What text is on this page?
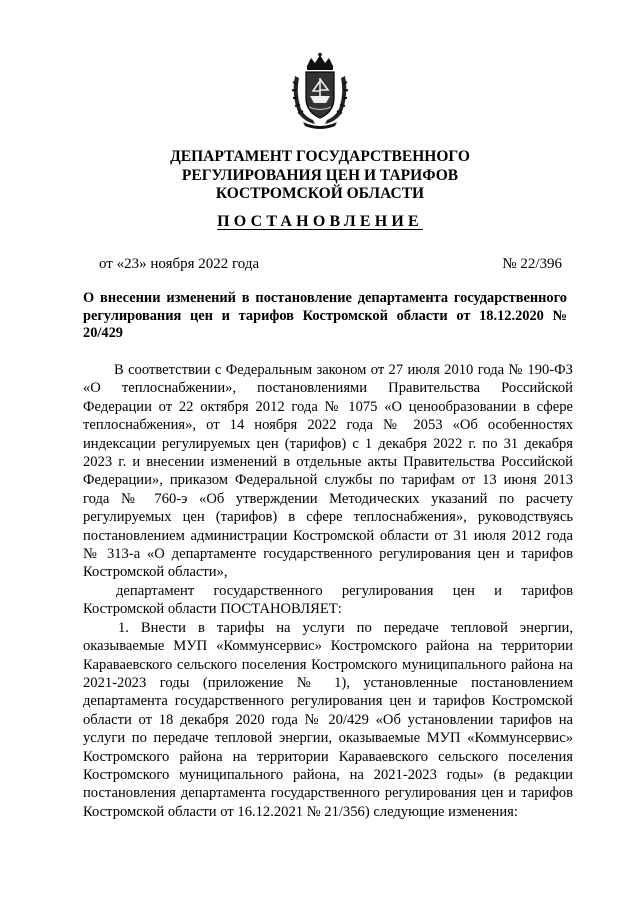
ДЕПАРТАМЕНТ ГОСУДАРСТВЕННОГО
РЕГУЛИРОВАНИЯ ЦЕН И ТАРИФОВ
КОСТРОМСКОЙ ОБЛАСТИ
ПОСТАНОВЛЕНИЕ
от «23» ноября 2022 года	№ 22/396
О внесении изменений в постановление департамента государственного регулирования цен и тарифов Костромской области от 18.12.2020 № 20/429

В соответствии с Федеральным законом от 27 июля 2010 года № 190-ФЗ «О теплоснабжении», постановлениями Правительства Российской Федерации от 22 октября 2012 года № 1075 «О ценообразовании в сфере теплоснабжения», от 14 ноября 2022 года № 2053 «Об особенностях индексации регулируемых цен (тарифов) с 1 декабря 2022 г. по 31 декабря 2023 г. и внесении изменений в отдельные акты Правительства Российской Федерации», приказом Федеральной службы по тарифам от 13 июня 2013 года № 760-э «Об утверждении Методических указаний по расчету регулируемых цен (тарифов) в сфере теплоснабжения», руководствуясь постановлением администрации Костромской области от 31 июля 2012 года № 313-а «О департаменте государственного регулирования цен и тарифов Костромской области»,

департамент государственного регулирования цен и тарифов Костромской области ПОСТАНОВЛЯЕТ:

1. Внести в тарифы на услуги по передаче тепловой энергии, оказываемые МУП «Коммунсервис» Костромского района на территории Караваевского сельского поселения Костромского муниципального района на 2021-2023 годы (приложение № 1), установленные постановлением департамента государственного регулирования цен и тарифов Костромской области от 18 декабря 2020 года № 20/429 «Об установлении тарифов на услуги по передаче тепловой энергии, оказываемые МУП «Коммунсервис» Костромского района на территории Караваевского сельского поселения Костромского муниципального района, на 2021-2023 годы» (в редакции постановления департамента государственного регулирования цен и тарифов Костромской области от 16.12.2021 № 21/356) следующие изменения:
